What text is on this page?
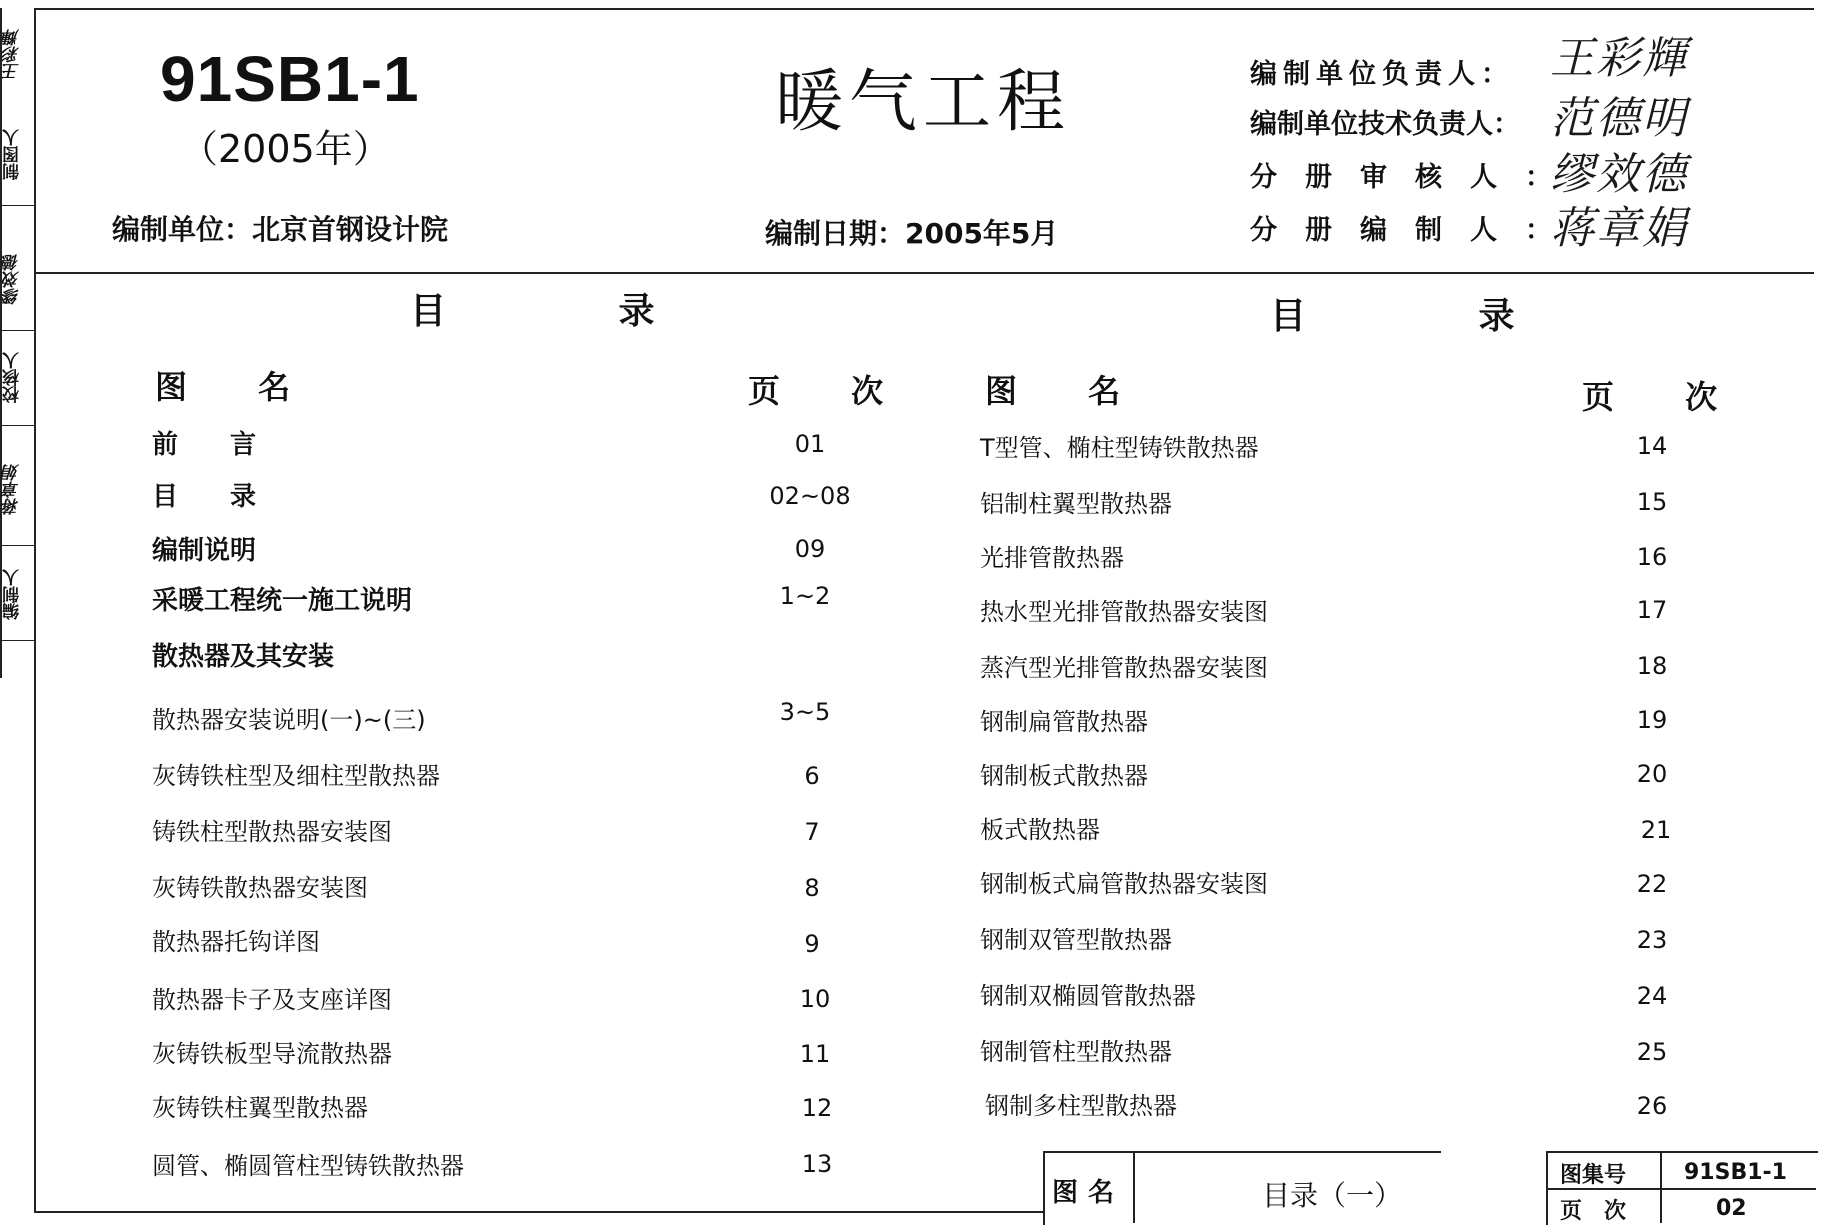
王彩輝
制图人
缪效德
校核人
蒋章娟
编制人
91SB1-1
（2005年）
编制单位：北京首钢设计院
暖气工程
编制日期：2005年5月
编制单位负责人： 王彩輝
编制单位技术负责人： 范德明
分册审核人：
缪效德
分册编制人：
蒋章娟
目 录
图 名	页 次
前　　言	01
目　　录	02~08
编制说明	09
采暖工程统一施工说明	1~2
散热器及其安装
散热器安装说明(一)~(三)	3~5
灰铸铁柱型及细柱型散热器	6
铸铁柱型散热器安装图	7
灰铸铁散热器安装图	8
散热器托钩详图	9
散热器卡子及支座详图	10
灰铸铁板型导流散热器	11
灰铸铁柱翼型散热器	12
圆管、椭圆管柱型铸铁散热器	13
目 录
图 名	页 次
T型管、椭柱型铸铁散热器	14
铝制柱翼型散热器	15
光排管散热器	16
热水型光排管散热器安装图	17
蒸汽型光排管散热器安装图	18
钢制扁管散热器	19
钢制板式散热器	20
板式散热器	21
钢制板式扁管散热器安装图	22
钢制双管型散热器	23
钢制双椭圆管散热器	24
钢制管柱型散热器	25
钢制多柱型散热器	26
图名	目录（一）
图集号	91SB1-1
页　次	02
